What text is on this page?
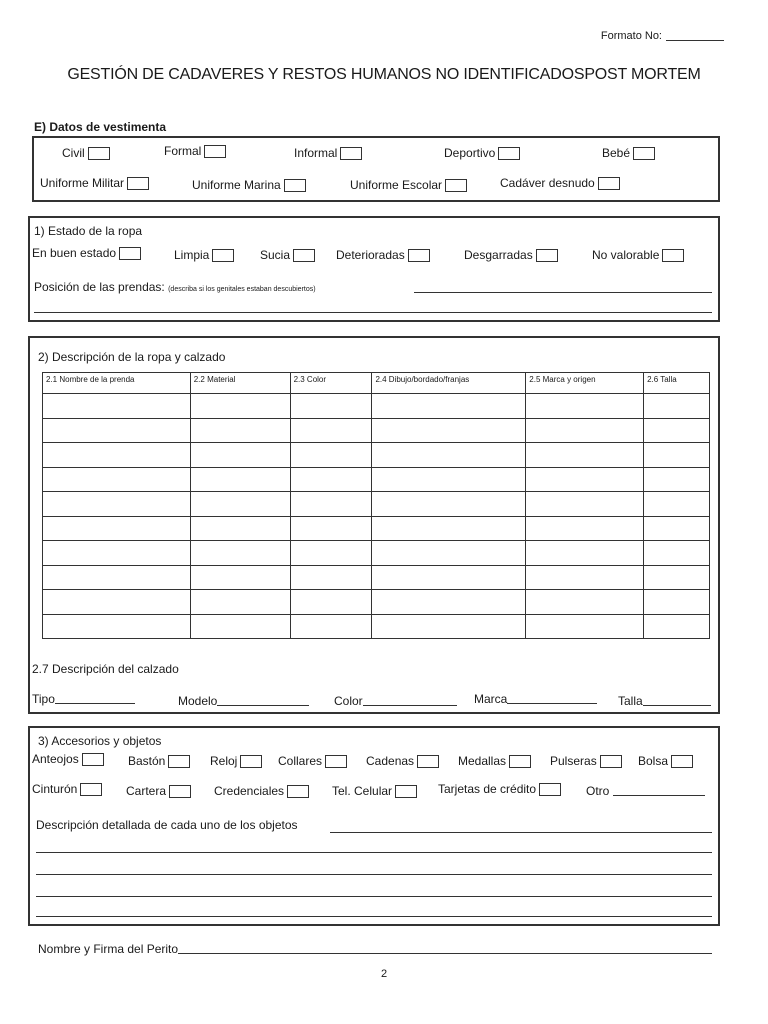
Formato No:
GESTIÓN DE CADAVERES Y RESTOS HUMANOS NO IDENTIFICADOSPOST MORTEM
E) Datos de vestimenta
Civil	Formal	Informal	Deportivo	Bebé
Uniforme Militar	Uniforme Marina	Uniforme Escolar	Cadáver desnudo
1) Estado de la ropa
En buen estado	Limpia	Sucia	Deterioradas	Desgarradas	No valorable
Posición de las prendas: (describa si los genitales estaban descubiertos)
2) Descripción de la ropa y calzado
2.7 Descripción del calzado
Tipo	Modelo	Color	Marca	Talla
2.1 Nombre de la prenda	2.2 Material	2.3 Color	2.4 Dibujo/bordado/franjas	2.5 Marca y origen	2.6 Talla

3) Accesorios y objetos
Anteojos	Bastón	Reloj	Collares	Cadenas	Medallas	Pulseras	Bolsa
Cinturón	Cartera	Credenciales	Tel. Celular	Tarjetas de crédito	Otro
Descripción detallada de cada uno de los objetos
Nombre y Firma del Perito
2
